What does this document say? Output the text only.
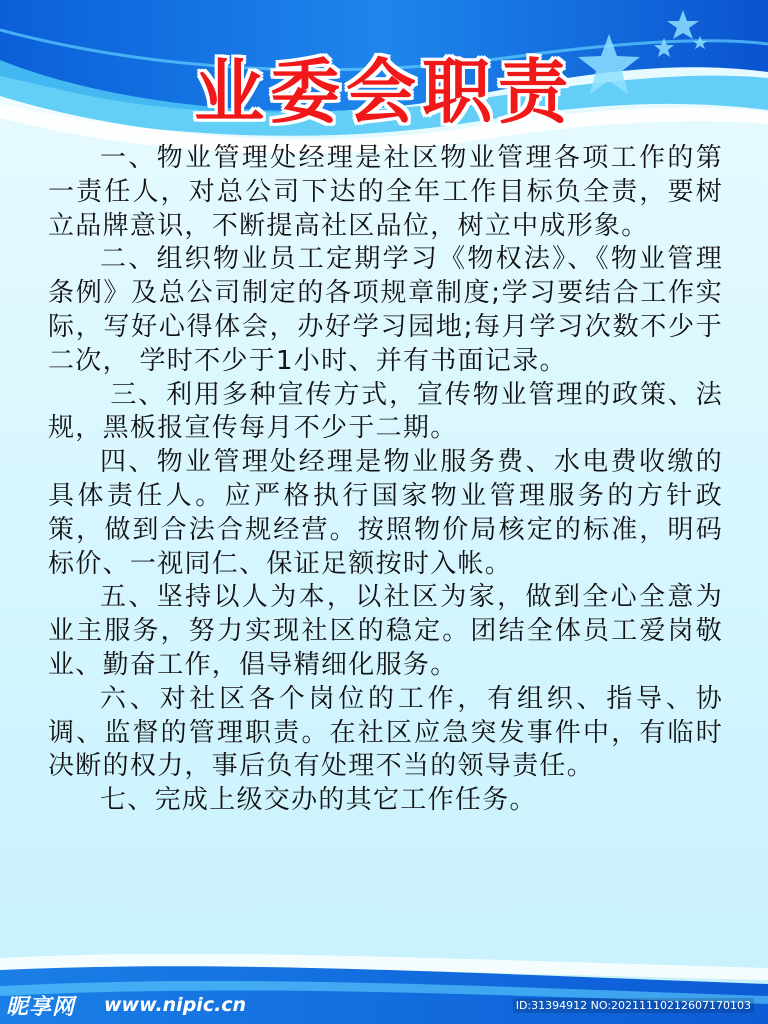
业委会职责

一、物业管理处经理是社区物业管理各项工作的第一责任人，对总公司下达的全年工作目标负全责，要树立品牌意识，不断提高社区品位，树立中成形象。

二、组织物业员工定期学习《物权法》、《物业管理条例》及总公司制定的各项规章制度;学习要结合工作实际，写好心得体会，办好学习园地;每月学习次数不少于二次， 学时不少于1小时、并有书面记录。

三、利用多种宣传方式，宣传物业管理的政策、法规，黑板报宣传每月不少于二期。

四、物业管理处经理是物业服务费、水电费收缴的具体责任人。应严格执行国家物业管理服务的方针政策，做到合法合规经营。按照物价局核定的标准，明码标价、一视同仁、保证足额按时入帐。

五、坚持以人为本，以社区为家，做到全心全意为业主服务，努力实现社区的稳定。团结全体员工爱岗敬业、勤奋工作，倡导精细化服务。

六、对社区各个岗位的工作，有组织、指导、协调、监督的管理职责。在社区应急突发事件中，有临时决断的权力，事后负有处理不当的领导责任。

七、完成上级交办的其它工作任务。

昵享网 www.nipic.cn	ID:31394912 NO:20211110212607170103
